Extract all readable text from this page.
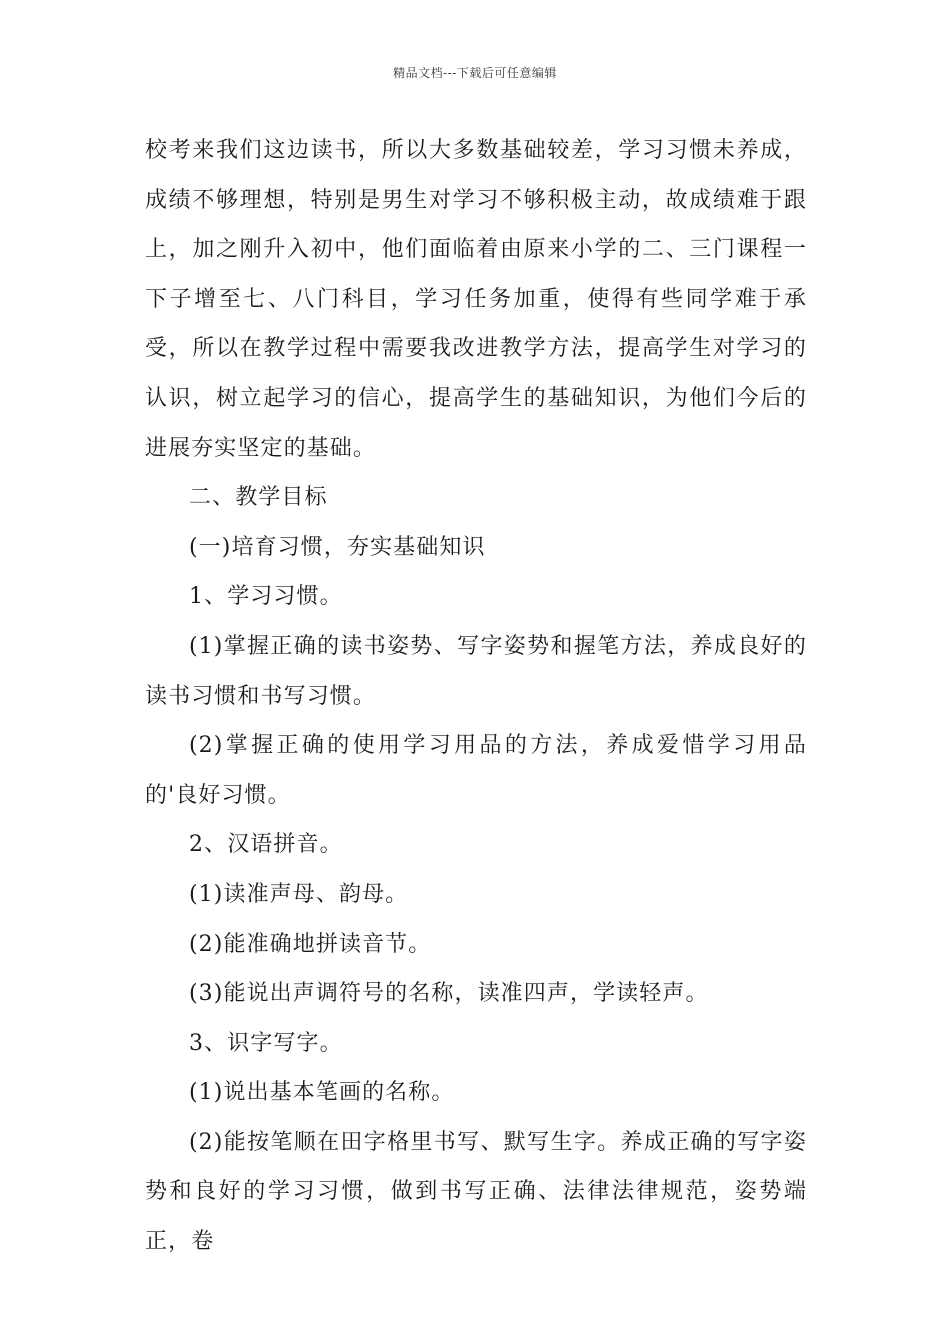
精品文档---下载后可任意编辑

校考来我们这边读书，所以大多数基础较差，学习习惯未养成，成绩不够理想，特别是男生对学习不够积极主动，故成绩难于跟上，加之刚升入初中，他们面临着由原来小学的二、三门课程一下子增至七、八门科目，学习任务加重，使得有些同学难于承受，所以在教学过程中需要我改进教学方法，提高学生对学习的认识，树立起学习的信心，提高学生的基础知识，为他们今后的进展夯实坚定的基础。

二、教学目标

(一)培育习惯，夯实基础知识

1、学习习惯。

(1)掌握正确的读书姿势、写字姿势和握笔方法，养成良好的读书习惯和书写习惯。

(2)掌握正确的使用学习用品的方法，养成爱惜学习用品的'良好习惯。

2、汉语拼音。

(1)读准声母、韵母。

(2)能准确地拼读音节。

(3)能说出声调符号的名称，读准四声，学读轻声。

3、识字写字。

(1)说出基本笔画的名称。

(2)能按笔顺在田字格里书写、默写生字。养成正确的写字姿势和良好的学习习惯，做到书写正确、法律法律规范，姿势端正，卷
